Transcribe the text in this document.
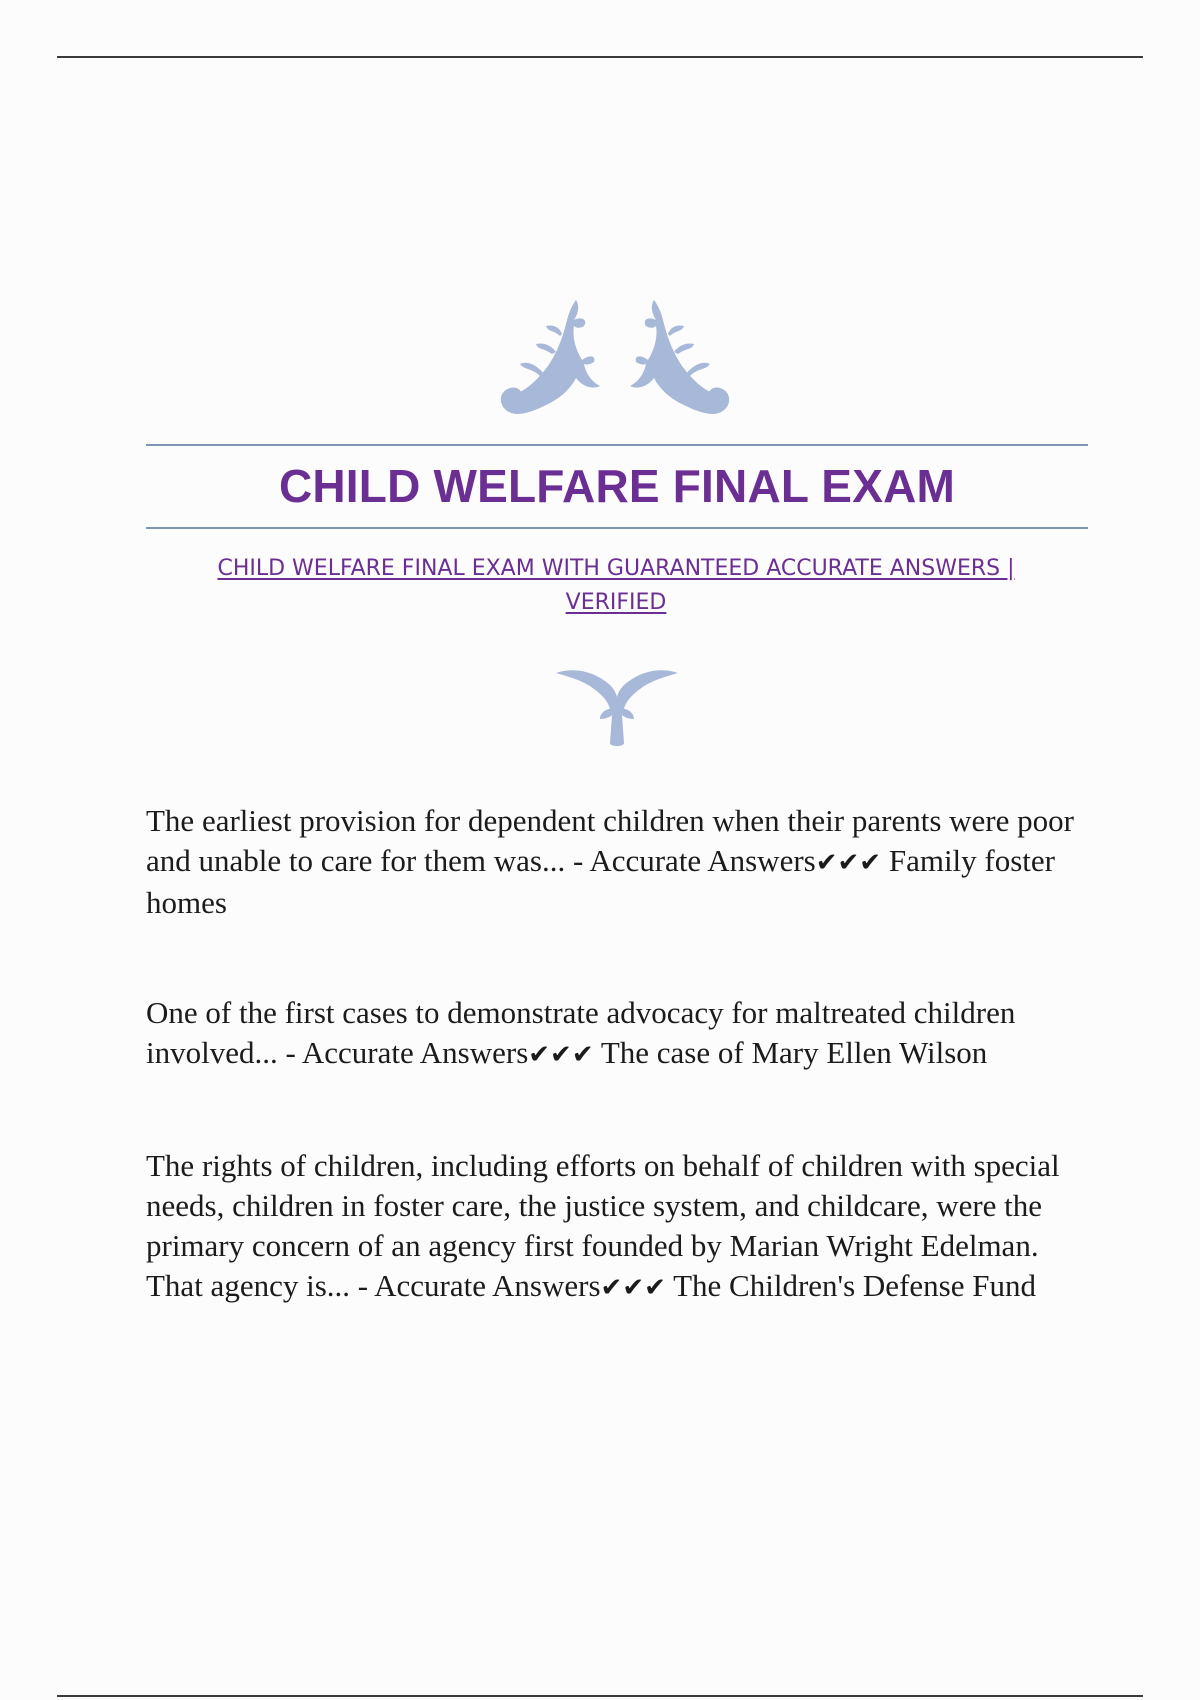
CHILD WELFARE FINAL EXAM

CHILD WELFARE FINAL EXAM WITH GUARANTEED ACCURATE ANSWERS | VERIFIED

The earliest provision for dependent children when their parents were poor and unable to care for them was... - Accurate Answers✔✔✔ Family foster homes

One of the first cases to demonstrate advocacy for maltreated children involved... - Accurate Answers✔✔✔ The case of Mary Ellen Wilson

The rights of children, including efforts on behalf of children with special needs, children in foster care, the justice system, and childcare, were the primary concern of an agency first founded by Marian Wright Edelman. That agency is... - Accurate Answers✔✔✔ The Children's Defense Fund
